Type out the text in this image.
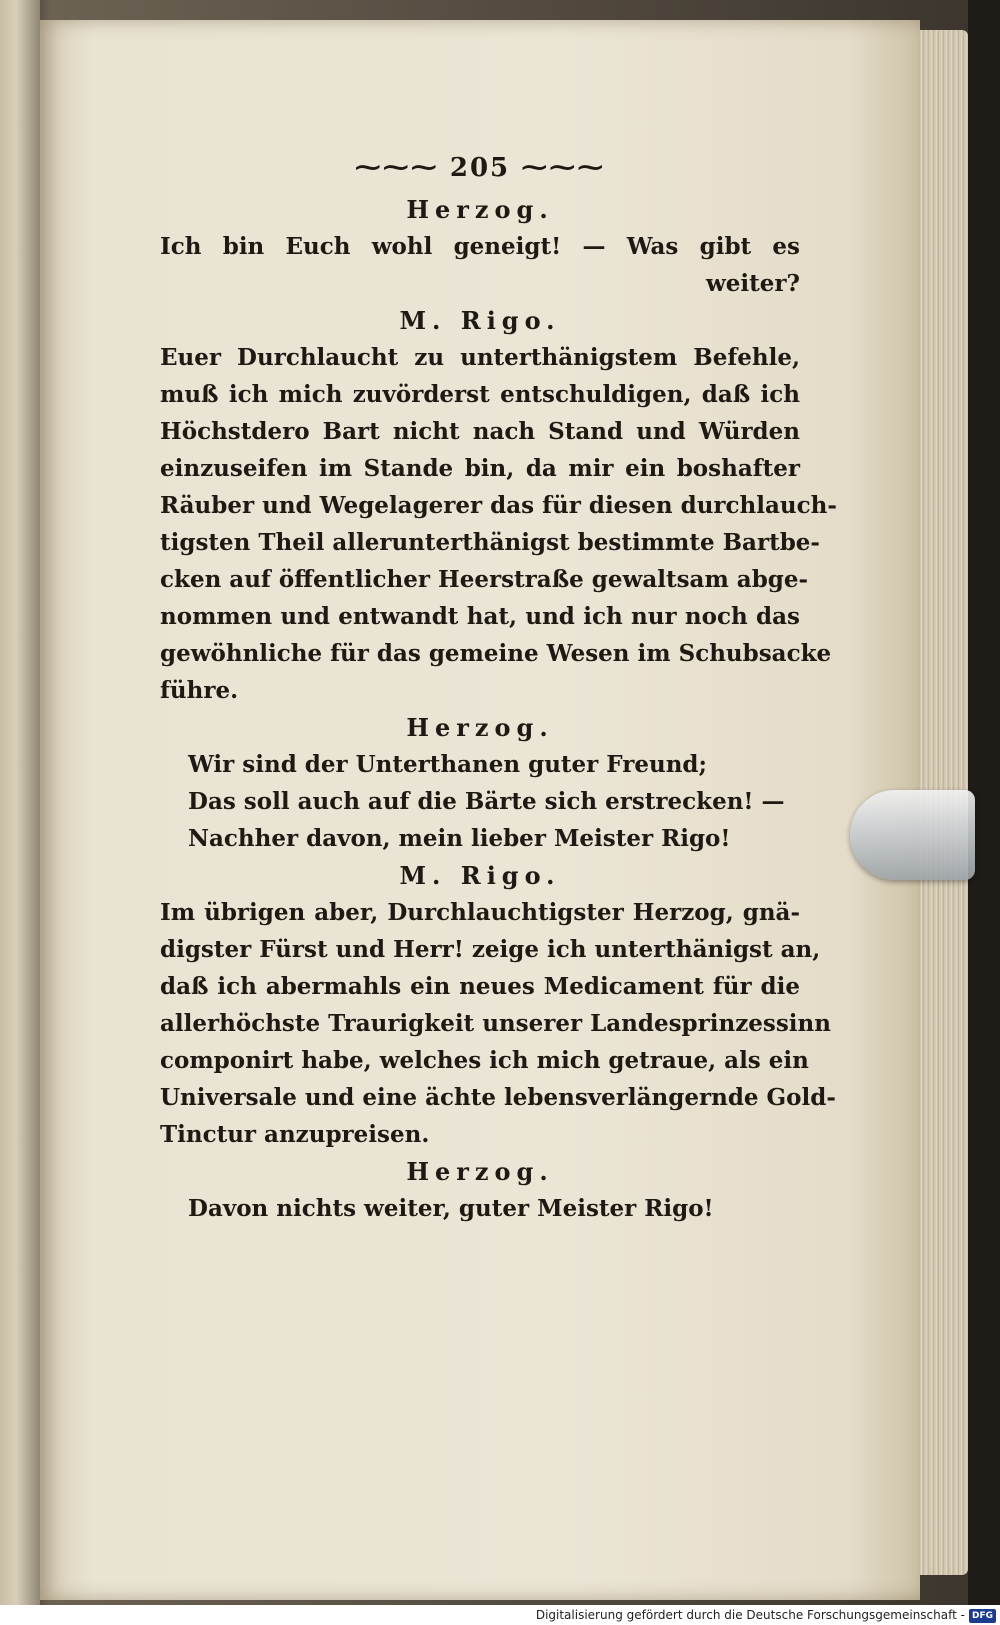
⁓⁓⁓ 205 ⁓⁓⁓
Herzog.
Ich bin Euch wohl geneigt! — Was gibt es
weiter?
M. Rigo.
Euer Durchlaucht zu unterthänigstem Befehle,
muß ich mich zuvörderst entschuldigen, daß ich
Höchstdero Bart nicht nach Stand und Würden
einzuseifen im Stande bin, da mir ein boshafter
Räuber und Wegelagerer das für diesen durchlauch-
tigsten Theil allerunterthänigst bestimmte Bartbe-
cken auf öffentlicher Heerstraße gewaltsam abge-
nommen und entwandt hat, und ich nur noch das
gewöhnliche für das gemeine Wesen im Schubsacke
führe.
Herzog.
Wir sind der Unterthanen guter Freund;
Das soll auch auf die Bärte sich erstrecken! —
Nachher davon, mein lieber Meister Rigo!
M. Rigo.
Im übrigen aber, Durchlauchtigster Herzog, gnä-
digster Fürst und Herr! zeige ich unterthänigst an,
daß ich abermahls ein neues Medicament für die
allerhöchste Traurigkeit unserer Landesprinzessinn
componirt habe, welches ich mich getraue, als ein
Universale und eine ächte lebensverlängernde Gold-
Tinctur anzupreisen.
Herzog.
Davon nichts weiter, guter Meister Rigo!
Digitalisierung gefördert durch die Deutsche Forschungsgemeinschaft - DFG
